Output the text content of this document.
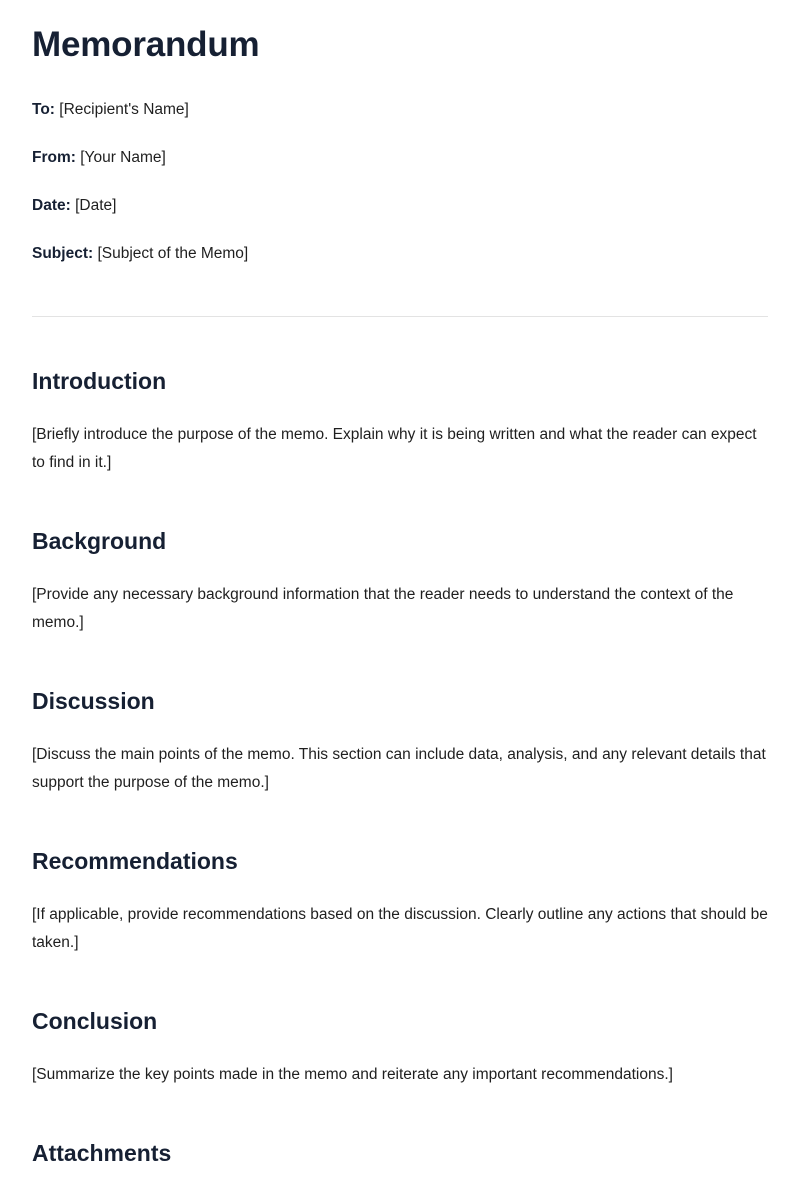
Memorandum
To: [Recipient's Name]
From: [Your Name]
Date: [Date]
Subject: [Subject of the Memo]
Introduction

[Briefly introduce the purpose of the memo. Explain why it is being written and what the reader can expect to find in it.]

Background

[Provide any necessary background information that the reader needs to understand the context of the memo.]

Discussion

[Discuss the main points of the memo. This section can include data, analysis, and any relevant details that support the purpose of the memo.]

Recommendations

[If applicable, provide recommendations based on the discussion. Clearly outline any actions that should be taken.]

Conclusion

[Summarize the key points made in the memo and reiterate any important recommendations.]

Attachments
